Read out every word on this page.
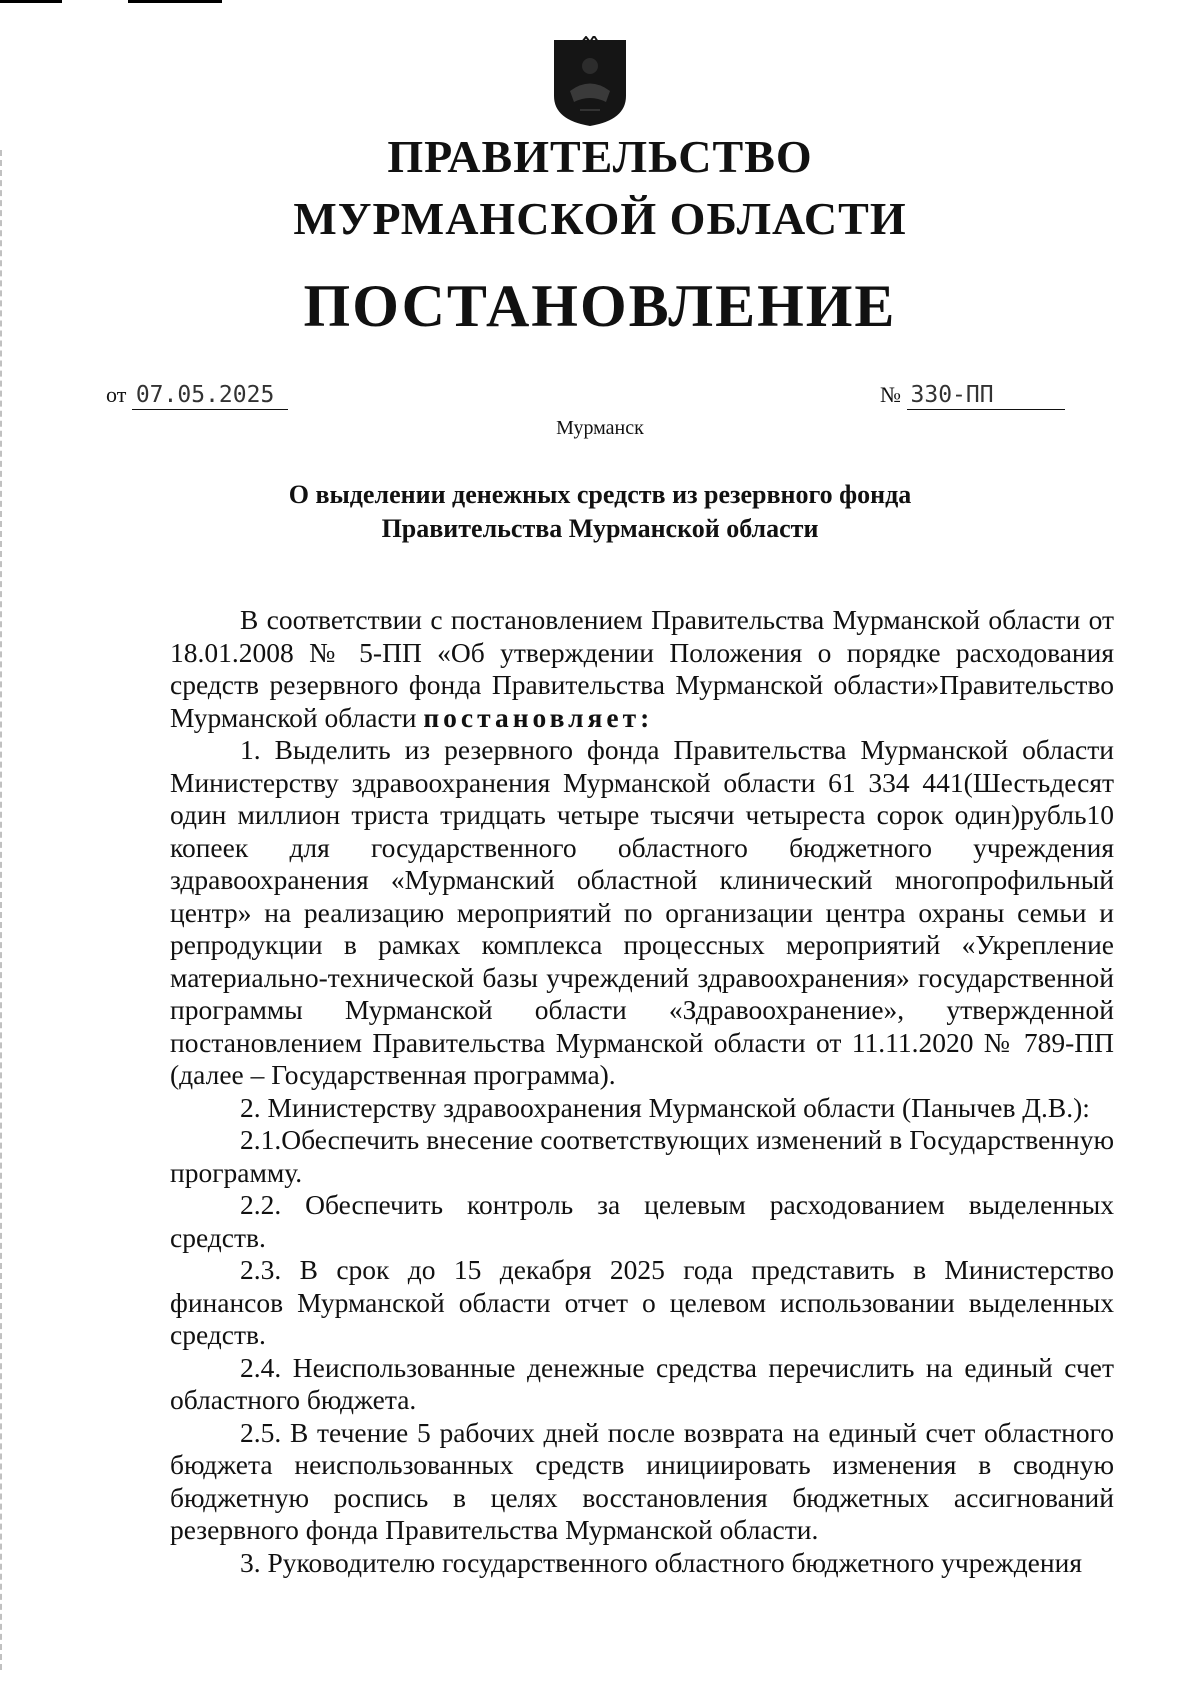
ПРАВИТЕЛЬСТВО
МУРМАНСКОЙ ОБЛАСТИ
ПОСТАНОВЛЕНИЕ
от 07.05.2025	№ 330-ПП
Мурманск
О выделении денежных средств из резервного фонда
Правительства Мурманской области

В соответствии с постановлением Правительства Мурманской области от 18.01.2008 № 5-ПП «Об утверждении Положения о порядке расходования средств резервного фонда Правительства Мурманской области»Правительство Мурманской области постановляет:

1. Выделить из резервного фонда Правительства Мурманской области Министерству здравоохранения Мурманской области 61 334 441(Шестьдесят один миллион триста тридцать четыре тысячи четыреста сорок один)рубль10 копеек для государственного областного бюджетного учреждения здравоохранения «Мурманский областной клинический многопрофильный центр» на реализацию мероприятий по организации центра охраны семьи и репродукции в рамках комплекса процессных мероприятий «Укрепление материально-технической базы учреждений здравоохранения» государственной программы Мурманской области «Здравоохранение», утвержденной постановлением Правительства Мурманской области от 11.11.2020 № 789-ПП (далее – Государственная программа).

2. Министерству здравоохранения Мурманской области (Панычев Д.В.):

2.1.Обеспечить внесение соответствующих изменений в Государственную программу.

2.2. Обеспечить контроль за целевым расходованием выделенных средств.

2.3. В срок до 15 декабря 2025 года представить в Министерство финансов Мурманской области отчет о целевом использовании выделенных средств.

2.4. Неиспользованные денежные средства перечислить на единый счет областного бюджета.

2.5. В течение 5 рабочих дней после возврата на единый счет областного бюджета неиспользованных средств инициировать изменения в сводную бюджетную роспись в целях восстановления бюджетных ассигнований резервного фонда Правительства Мурманской области.

3. Руководителю государственного областного бюджетного учреждения
